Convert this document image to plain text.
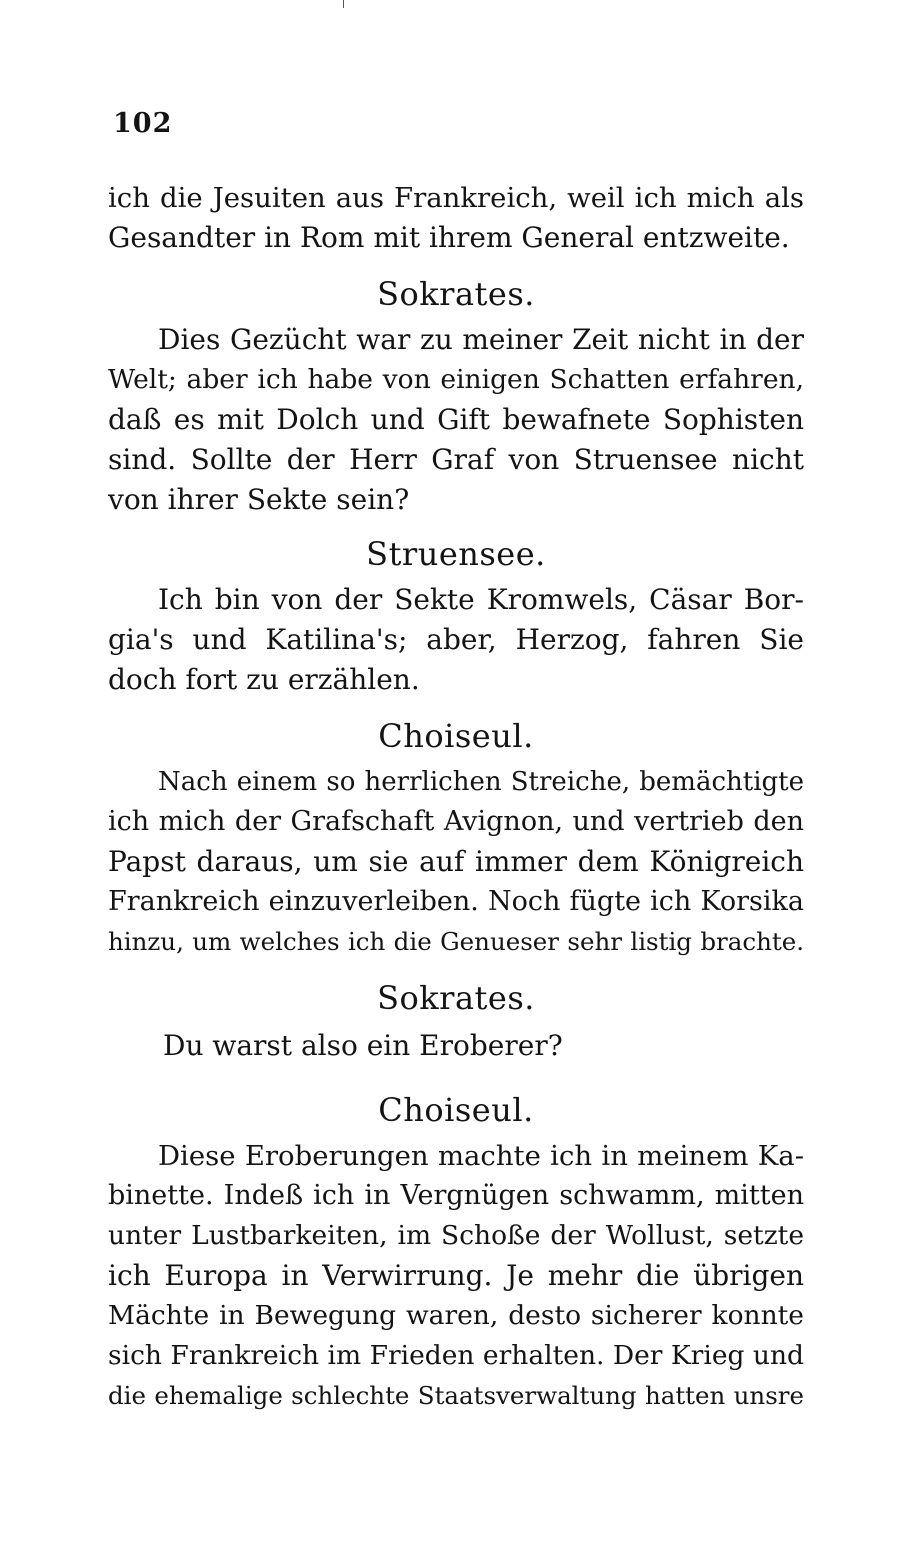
102
ich die Jesuiten aus Frankreich, weil ich mich als
Gesandter in Rom mit ihrem General entzweite.
Sokrates.
Dies Gezücht war zu meiner Zeit nicht in der
Welt; aber ich habe von einigen Schatten erfahren,
daß es mit Dolch und Gift bewafnete Sophisten
sind. Sollte der Herr Graf von Struensee nicht
von ihrer Sekte sein?
Struensee.
Ich bin von der Sekte Kromwels, Cäsar Bor-
gia's und Katilina's; aber, Herzog, fahren Sie
doch fort zu erzählen.
Choiseul.
Nach einem so herrlichen Streiche, bemächtigte
ich mich der Grafschaft Avignon, und vertrieb den
Papst daraus, um sie auf immer dem Königreich
Frankreich einzuverleiben. Noch fügte ich Korsika
hinzu, um welches ich die Genueser sehr listig brachte.
Sokrates.
Du warst also ein Eroberer?
Choiseul.
Diese Eroberungen machte ich in meinem Ka-
binette. Indeß ich in Vergnügen schwamm, mitten
unter Lustbarkeiten, im Schoße der Wollust, setzte
ich Europa in Verwirrung. Je mehr die übrigen
Mächte in Bewegung waren, desto sicherer konnte
sich Frankreich im Frieden erhalten. Der Krieg und
die ehemalige schlechte Staatsverwaltung hatten unsre
